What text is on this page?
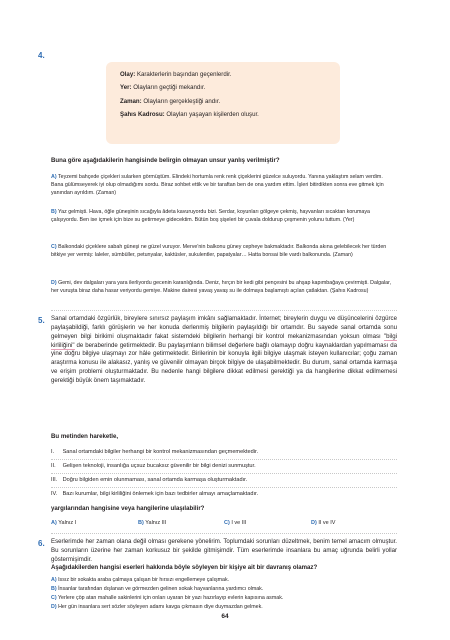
4.

Olay: Karakterlerin başından geçenlerdir.

Yer: Olayların geçtiği mekandır.

Zaman: Olayların gerçekleştiği andır.

Şahıs Kadrosu: Olayları yaşayan kişilerden oluşur.

Buna göre aşağıdakilerin hangisinde belirgin olmayan unsur yanlış verilmiştir?

A) Teyzemi bahçede çiçekleri sularken görmüştüm. Elindeki hortumla renk renk çiçeklerini güzelce suluyordu. Yanına yaklaştım selam verdim. Bana gülümseyerek iyi olup olmadığımı sordu. Biraz sohbet ettik ve bir taraftan ben de ona yardım ettim. İşleri bitirdikten sonra eve gitmek için yanından ayrıldım. (Zaman)

B) Yaz gelmişti. Hava, öğle güneşinin sıcağıyla âdeta kavuruyordu bizi. Serdar, koyunları gölgeye çekmiş, hayvanları sıcaktan korumaya çalışıyordu. Ben ise içmek için bize su getirmeye gidecektim. Bütün boş şişeleri bir çuvala doldurup çeşmenin yolunu tuttum. (Yer)

C) Balkondaki çiçeklere sabah güneşi ne güzel vuruyor. Merve'nin balkonu güney cepheye bakmaktadır. Balkonda akına gelebilecek her türden bitkiye yer vermiş: laleler, sümbüller, petunyalar, kaktüsler, sukulentler, papatyalar… Hatta bonsai bile vardı balkonunda. (Zaman)

D) Gemi, dev dalgaları yara yara ilerliyordu gecenin karanlığında. Deniz, hırçın bir kedi gibi pençesini bu ahşap kapımbağaya çevirmişti. Dalgalar, her vuruşta biraz daha hasar veriyordu gemiye. Makine dairesi yavaş yavaş su ile dolmaya başlamıştı açılan çatlaktan. (Şahıs Kadrosu)

5. Sanal ortamdaki özgürlük, bireylere sınırsız paylaşım imkânı sağlamaktadır. İnternet; bireylerin duygu ve düşüncelerini özgürce paylaşabildiği, farklı görüşlerin ve her konuda derlenmiş bilgilerin paylaşıldığı bir ortamdır. Bu sayede sanal ortamda sonu gelmeyen bilgi birikimi oluşmaktadır fakat sistemdeki bilgilerin herhangi bir kontrol mekanizmasından yoksun olması "bilgi kirliliğini" de beraberinde getirmektedir. Bu paylaşımların bilimsel değerlere bağlı olamayıp doğru kaynaklardan yapılmaması da yine doğru bilgiye ulaşmayı zor hâle getirmektedir. Birilerinin bir konuyla ilgili bilgiye ulaşmak isteyen kullanıcılar; çoğu zaman araştırma konusu ile alakasız, yanlış ve güvenilir olmayan birçok bilgiye de ulaşabilmektedir. Bu durum, sanal ortamda karmaşa ve erişim problemi oluşturmaktadır. Bu nedenle hangi bilgilere dikkat edilmesi gerektiği ya da hangilerine dikkat edilmemesi gerektiği büyük önem taşımaktadır.

Bu metinden hareketle,

I. Sanal ortamdaki bilgiler herhangi bir kontrol mekanizmasından geçmemektedir.

II. Gelişen teknoloji, insanlığa uçsuz bucaksız güvenilir bir bilgi denizi sunmuştur.

III. Doğru bilgiden emin olunmaması, sanal ortamda karmaşa oluşturmaktadır.

IV. Bazı kurumlar, bilgi kirliliğini önlemek için bazı tedbirler almayı amaçlamaktadır.

yargılarından hangisine veya hangilerine ulaşılabilir?

A) Yalnız I	B) Yalnız III	C) I ve III	D) II ve IV
6. Eserlerimde her zaman olana değil olması gerekene yönelirim. Toplumdaki sorunları düzeltmek, benim temel amacım olmuştur. Bu sorunların üzerine her zaman korkusuz bir şekilde gitmişimdir. Tüm eserlerimde insanlara bu amaç uğrunda belirli yollar göstermişimdir.

Aşağıdakilerden hangisi eserleri hakkında böyle söyleyen bir kişiye ait bir davranış olamaz?

A) Issız bir sokakta araba çalmaya çalışan bir hırsızı engellemeye çalışmak.

B) İnsanlar tarafından dışlanan ve görmezden gelinen sokak hayvanlarına yardımcı olmak.

C) Yerlere çöp atan mahalle sakinlerini için onları uyaran bir yazı hazırlayıp evlerin kapısına asmak.

D) Her gün insanlara sert sözler söyleyen adamı kavga çıkmasın diye duymazdan gelmek.

64
